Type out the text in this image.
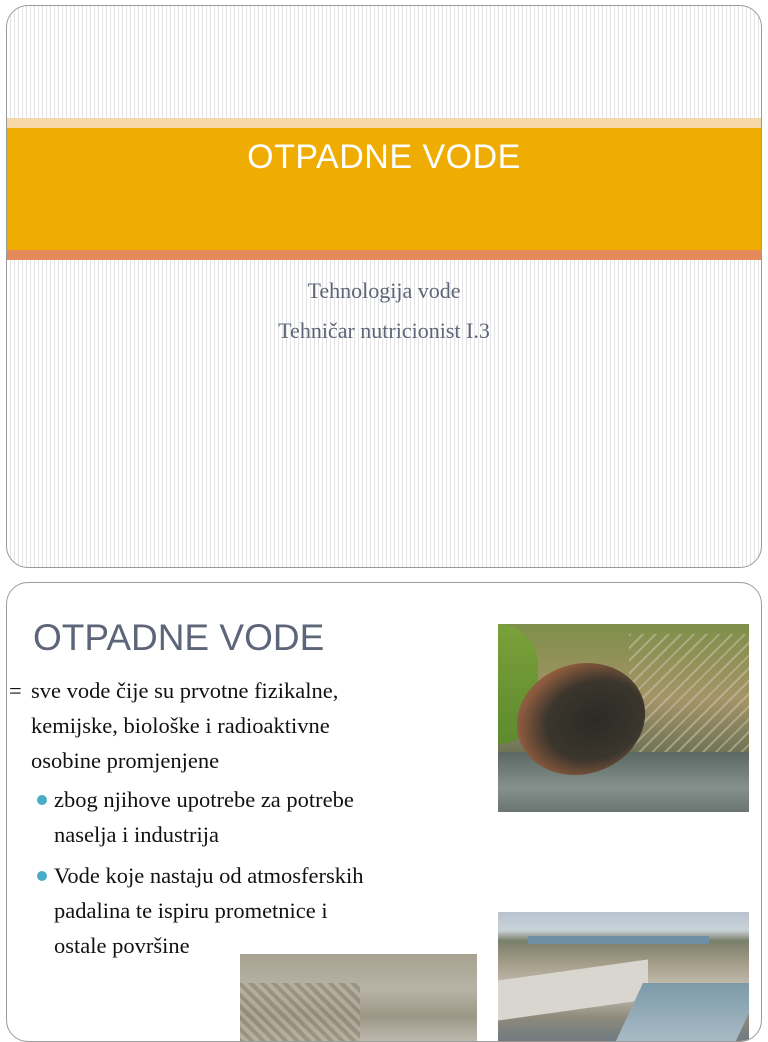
OTPADNE VODE
Tehnologija vode
Tehničar nutricionist I.3
OTPADNE VODE
= sve vode čije su prvotne fizikalne,
kemijske, biološke i radioaktivne
osobine promjenjene
zbog njihove upotrebe za potrebe
naselja i industrija
Vode koje nastaju od atmosferskih
padalina te ispiru prometnice i
ostale površine
